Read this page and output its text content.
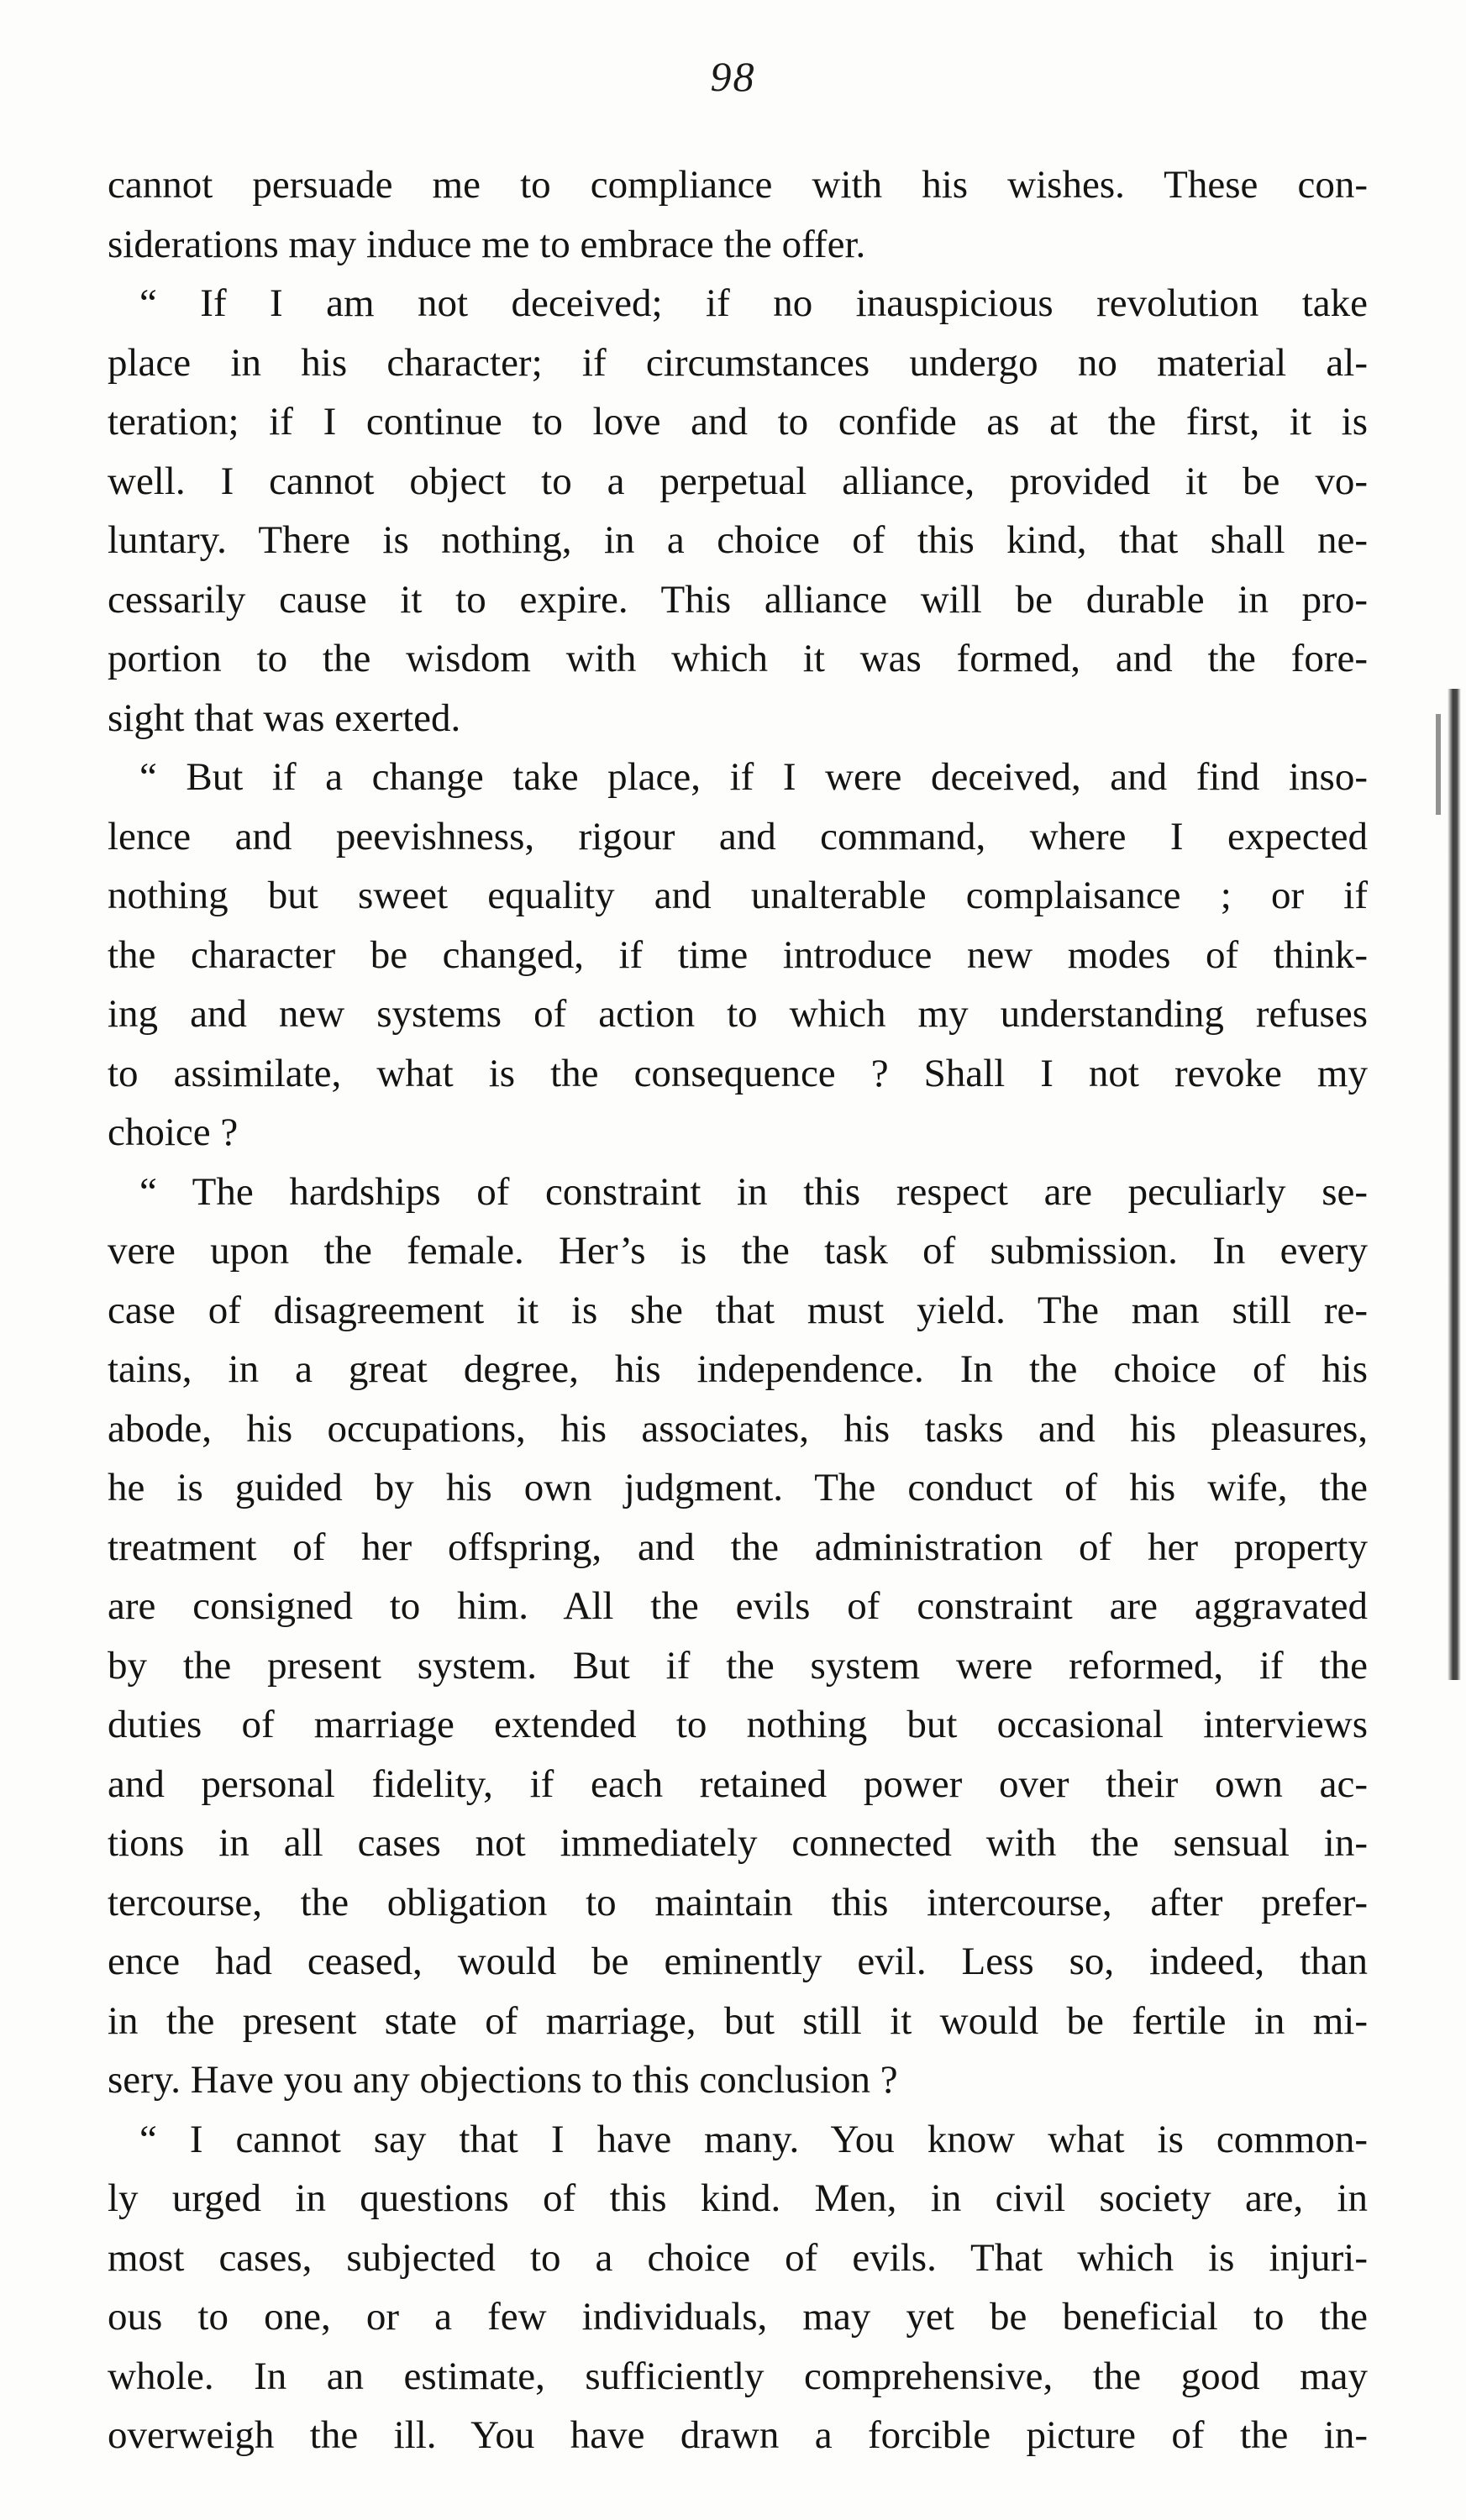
98
cannot persuade me to compliance with his wishes. These con-
siderations may induce me to embrace the offer.
“ If I am not deceived; if no inauspicious revolution take
place in his character; if circumstances undergo no material al-
teration; if I continue to love and to confide as at the first, it is
well. I cannot object to a perpetual alliance, provided it be vo-
luntary. There is nothing, in a choice of this kind, that shall ne-
cessarily cause it to expire. This alliance will be durable in pro-
portion to the wisdom with which it was formed, and the fore-
sight that was exerted.
“ But if a change take place, if I were deceived, and find inso-
lence and peevishness, rigour and command, where I expected
nothing but sweet equality and unalterable complaisance ; or if
the character be changed, if time introduce new modes of think-
ing and new systems of action to which my understanding refuses
to assimilate, what is the consequence ? Shall I not revoke my
choice ?
“ The hardships of constraint in this respect are peculiarly se-
vere upon the female. Her’s is the task of submission. In every
case of disagreement it is she that must yield. The man still re-
tains, in a great degree, his independence. In the choice of his
abode, his occupations, his associates, his tasks and his pleasures,
he is guided by his own judgment. The conduct of his wife, the
treatment of her offspring, and the administration of her property
are consigned to him. All the evils of constraint are aggravated
by the present system. But if the system were reformed, if the
duties of marriage extended to nothing but occasional interviews
and personal fidelity, if each retained power over their own ac-
tions in all cases not immediately connected with the sensual in-
tercourse, the obligation to maintain this intercourse, after prefer-
ence had ceased, would be eminently evil. Less so, indeed, than
in the present state of marriage, but still it would be fertile in mi-
sery. Have you any objections to this conclusion ?
“ I cannot say that I have many. You know what is common-
ly urged in questions of this kind. Men, in civil society are, in
most cases, subjected to a choice of evils. That which is injuri-
ous to one, or a few individuals, may yet be beneficial to the
whole. In an estimate, sufficiently comprehensive, the good may
overweigh the ill. You have drawn a forcible picture of the in-
